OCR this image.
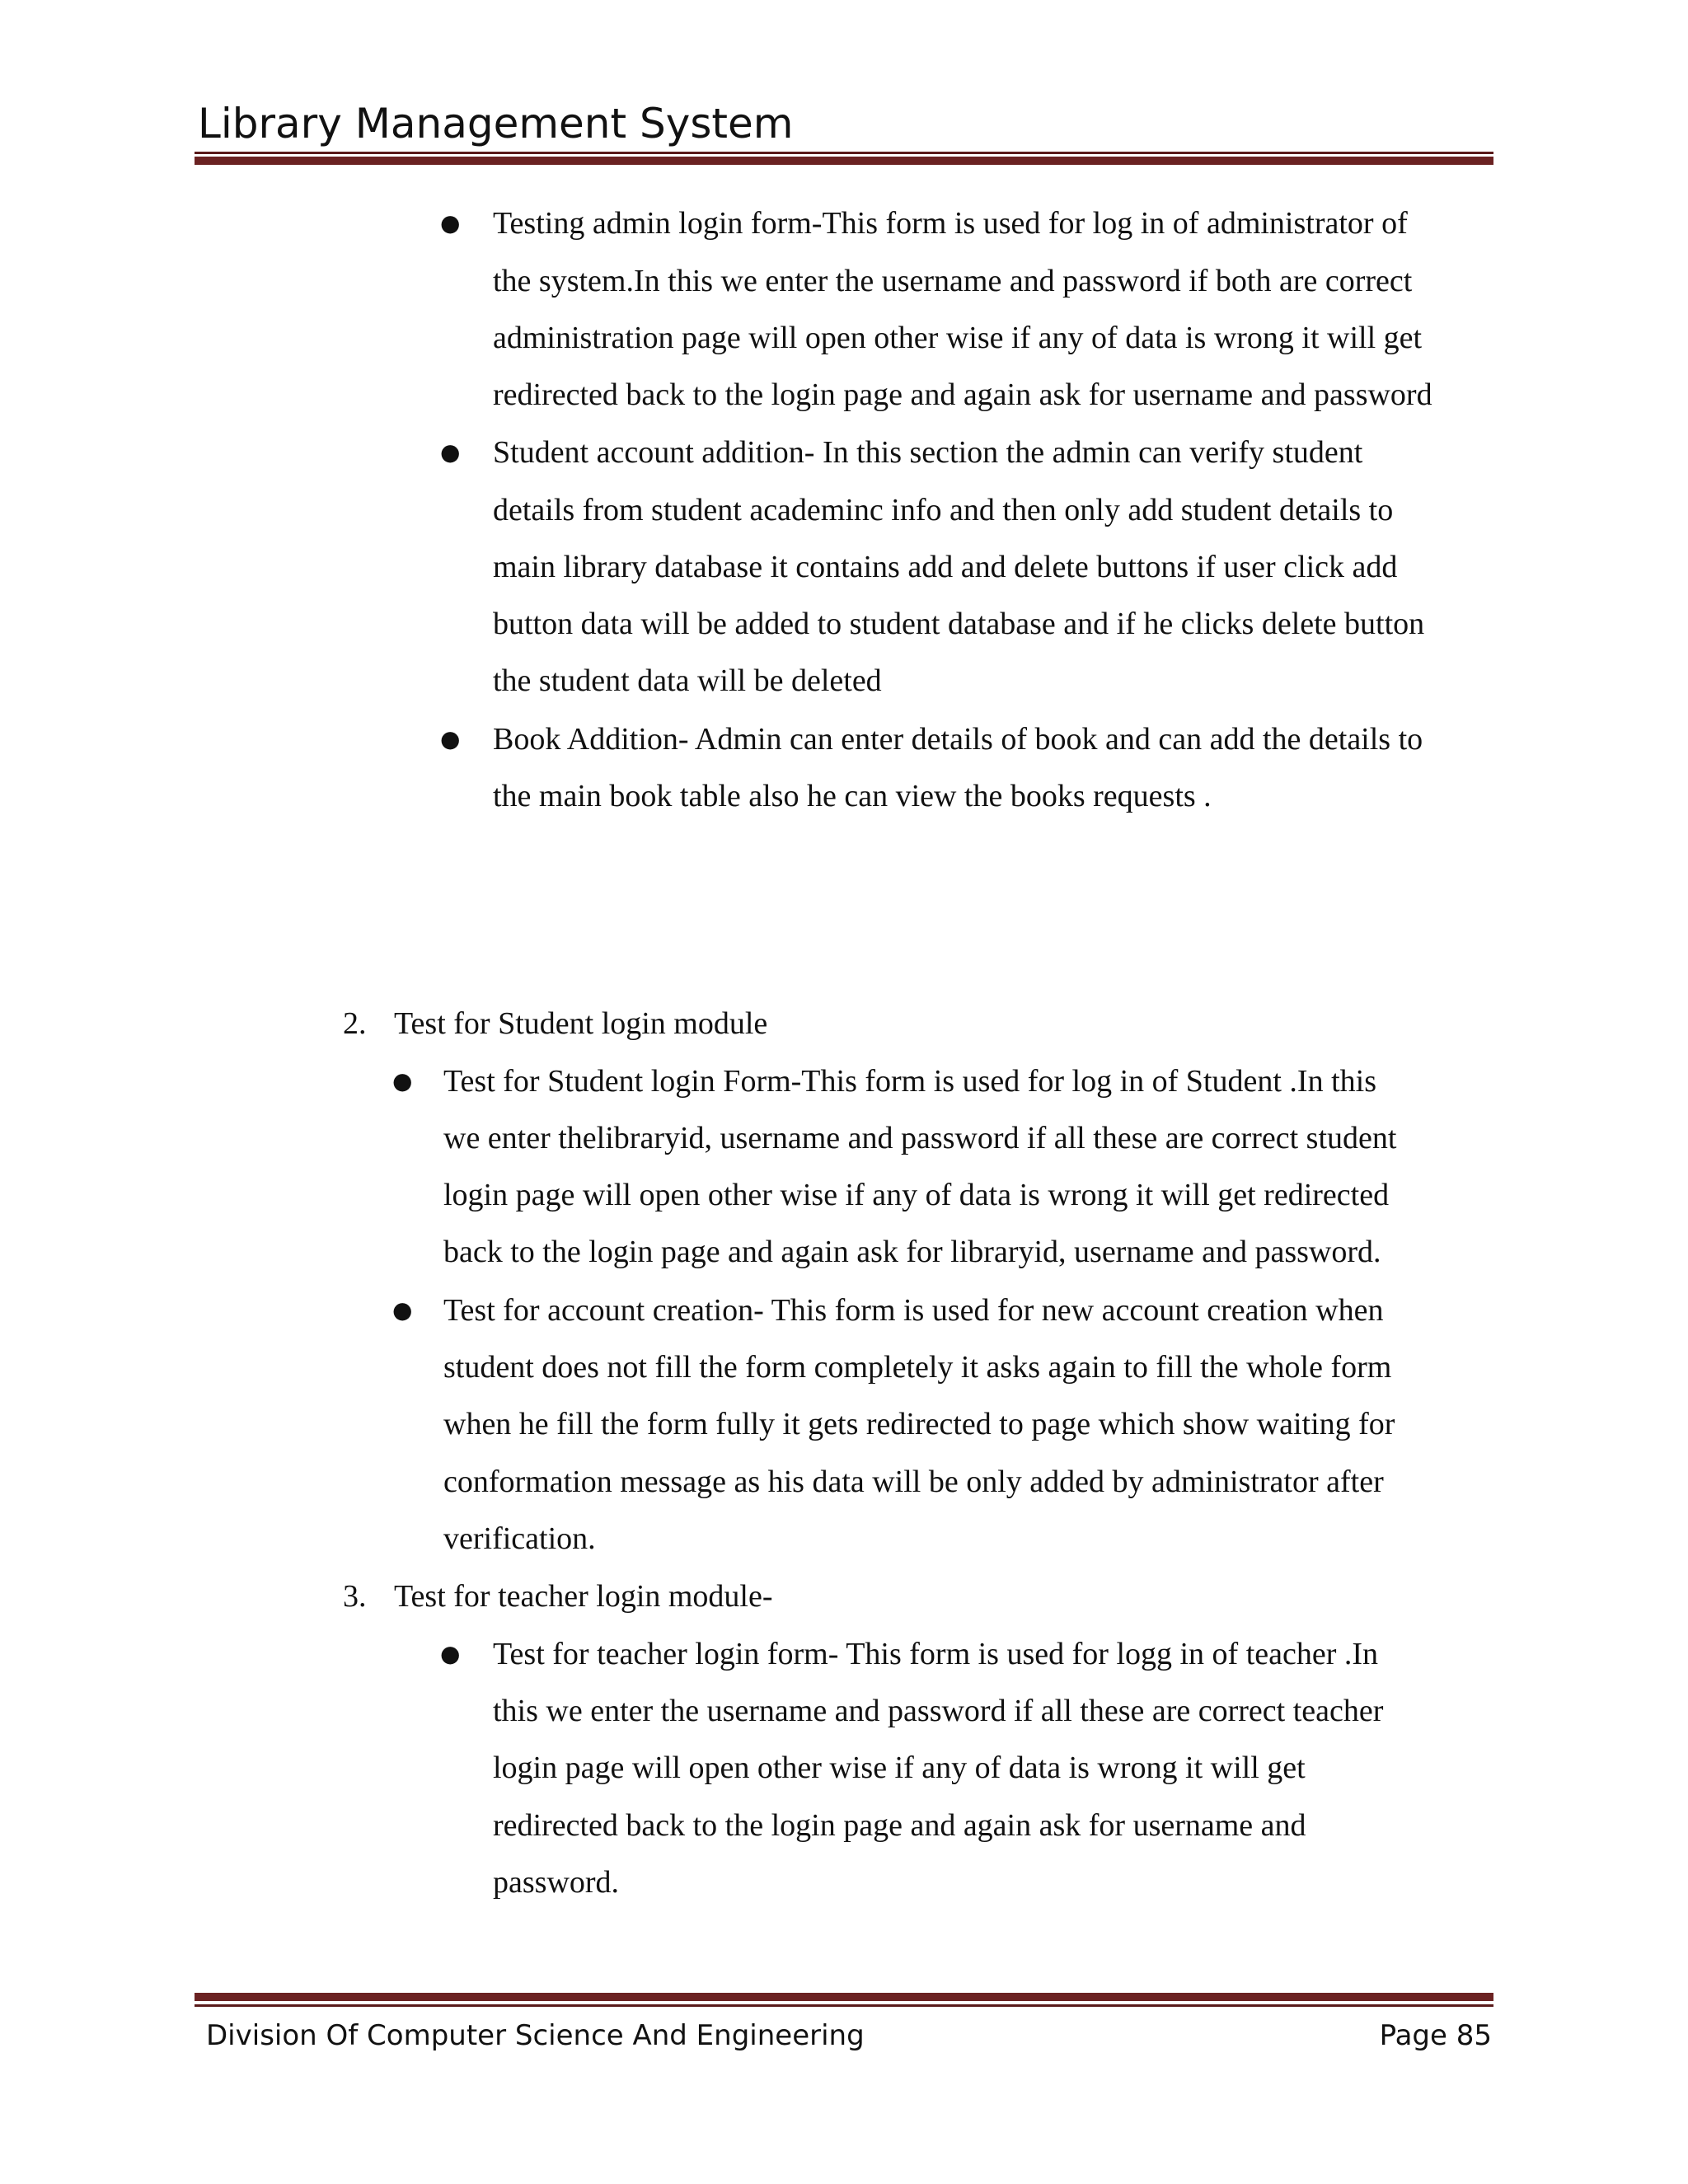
Library Management System
● Testing admin login form-This form is used for log in of administrator of
the system.In this we enter the username and password if both are correct
administration page will open other wise if any of data is wrong it will get
redirected back to the login page and again ask for username and password
● Student account addition- In this section the admin can verify student
details from student academinc info and then only add student details to
main library database it contains add and delete buttons if user click add
button data will be added to student database and if he clicks delete button
the student data will be deleted
● Book Addition- Admin can enter details of book and can add the details to
the main book table also he can view the books requests .
2. Test for Student login module
● Test for Student login Form-This form is used for log in of Student .In this
we enter thelibraryid, username and password if all these are correct student
login page will open other wise if any of data is wrong it will get redirected
back to the login page and again ask for libraryid, username and password.
● Test for account creation- This form is used for new account creation when
student does not fill the form completely it asks again to fill the whole form
when he fill the form fully it gets redirected to page which show waiting for
conformation message as his data will be only added by administrator after
verification.
3. Test for teacher login module-
● Test for teacher login form- This form is used for logg in of teacher .In
this we enter the username and password if all these are correct teacher
login page will open other wise if any of data is wrong it will get
redirected back to the login page and again ask for username and
password.
Division Of Computer Science And Engineering	Page 85
